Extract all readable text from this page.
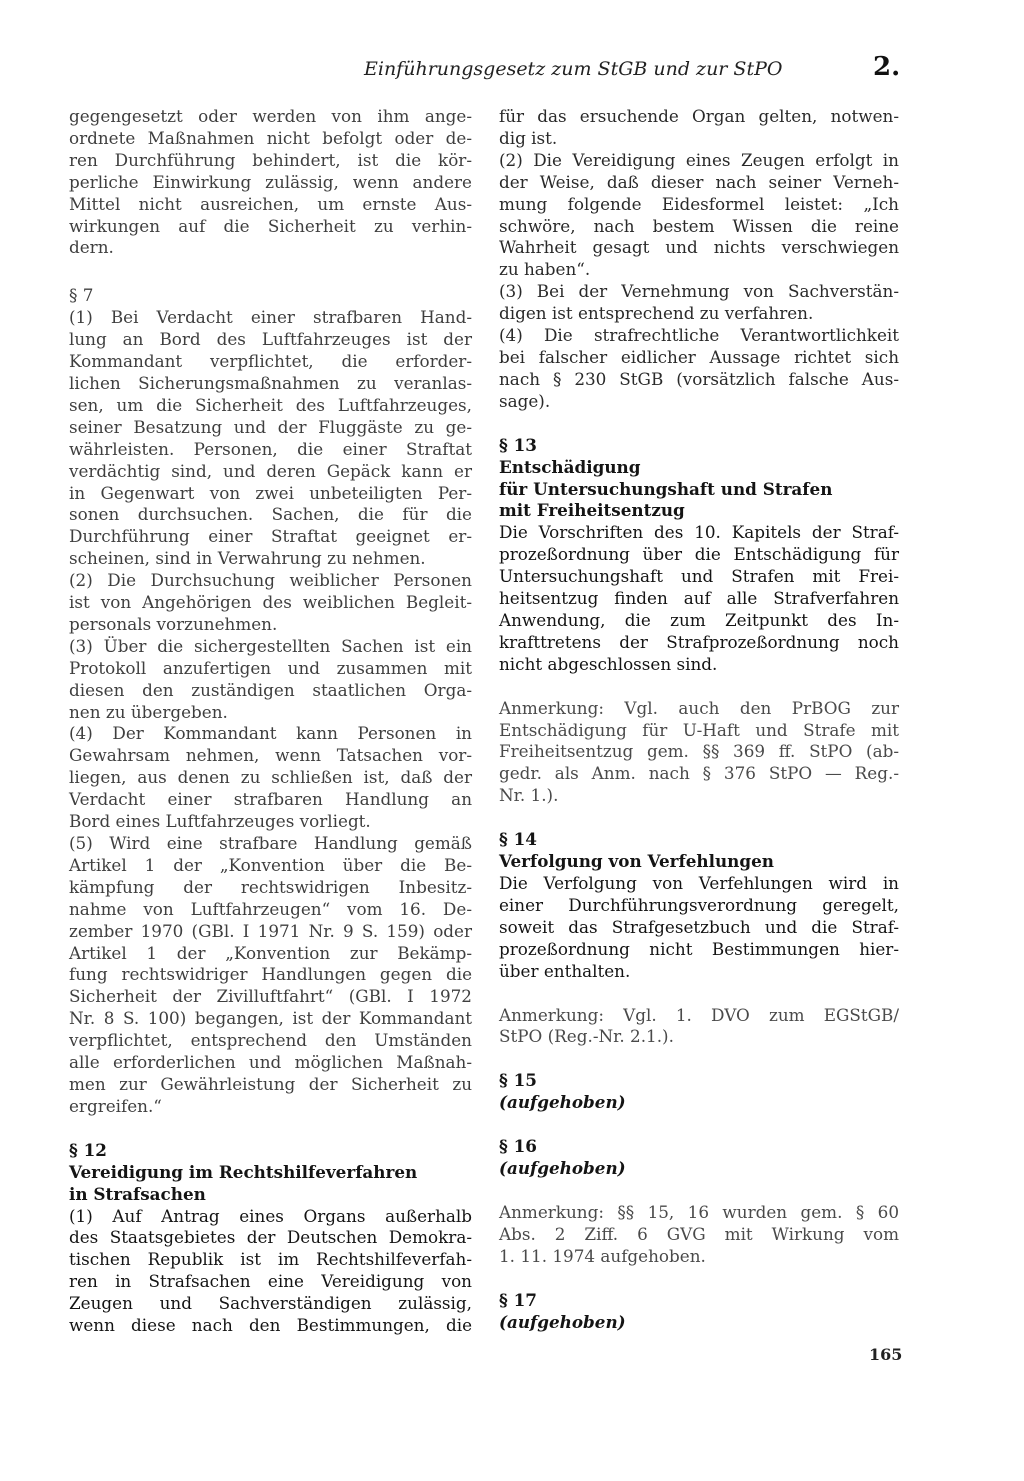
Einführungsgesetz zum StGB und zur StPO	2.
gegengesetzt oder werden von ihm ange-
ordnete Maßnahmen nicht befolgt oder de-
ren Durchführung behindert, ist die kör-
perliche Einwirkung zulässig, wenn andere
Mittel nicht ausreichen, um ernste Aus-
wirkungen auf die Sicherheit zu verhin-
dern.
§ 7
(1) Bei Verdacht einer strafbaren Hand-
lung an Bord des Luftfahrzeuges ist der
Kommandant verpflichtet, die erforder-
lichen Sicherungsmaßnahmen zu veranlas-
sen, um die Sicherheit des Luftfahrzeuges,
seiner Besatzung und der Fluggäste zu ge-
währleisten. Personen, die einer Straftat
verdächtig sind, und deren Gepäck kann er
in Gegenwart von zwei unbeteiligten Per-
sonen durchsuchen. Sachen, die für die
Durchführung einer Straftat geeignet er-
scheinen, sind in Verwahrung zu nehmen.
(2) Die Durchsuchung weiblicher Personen
ist von Angehörigen des weiblichen Begleit-
personals vorzunehmen.
(3) Über die sichergestellten Sachen ist ein
Protokoll anzufertigen und zusammen mit
diesen den zuständigen staatlichen Orga-
nen zu übergeben.
(4) Der Kommandant kann Personen in
Gewahrsam nehmen, wenn Tatsachen vor-
liegen, aus denen zu schließen ist, daß der
Verdacht einer strafbaren Handlung an
Bord eines Luftfahrzeuges vorliegt.
(5) Wird eine strafbare Handlung gemäß
Artikel 1 der „Konvention über die Be-
kämpfung der rechtswidrigen Inbesitz-
nahme von Luftfahrzeugen“ vom 16. De-
zember 1970 (GBl. I 1971 Nr. 9 S. 159) oder
Artikel 1 der „Konvention zur Bekämp-
fung rechtswidriger Handlungen gegen die
Sicherheit der Zivilluftfahrt“ (GBl. I 1972
Nr. 8 S. 100) begangen, ist der Kommandant
verpflichtet, entsprechend den Umständen
alle erforderlichen und möglichen Maßnah-
men zur Gewährleistung der Sicherheit zu
ergreifen.“
§ 12
Vereidigung im Rechtshilfeverfahren
in Strafsachen
(1) Auf Antrag eines Organs außerhalb
des Staatsgebietes der Deutschen Demokra-
tischen Republik ist im Rechtshilfeverfah-
ren in Strafsachen eine Vereidigung von
Zeugen und Sachverständigen zulässig,
wenn diese nach den Bestimmungen, die
für das ersuchende Organ gelten, notwen-
dig ist.
(2) Die Vereidigung eines Zeugen erfolgt in
der Weise, daß dieser nach seiner Verneh-
mung folgende Eidesformel leistet: „Ich
schwöre, nach bestem Wissen die reine
Wahrheit gesagt und nichts verschwiegen
zu haben“.
(3) Bei der Vernehmung von Sachverstän-
digen ist entsprechend zu verfahren.
(4) Die strafrechtliche Verantwortlichkeit
bei falscher eidlicher Aussage richtet sich
nach § 230 StGB (vorsätzlich falsche Aus-
sage).
§ 13
Entschädigung
für Untersuchungshaft und Strafen
mit Freiheitsentzug
Die Vorschriften des 10. Kapitels der Straf-
prozeßordnung über die Entschädigung für
Untersuchungshaft und Strafen mit Frei-
heitsentzug finden auf alle Strafverfahren
Anwendung, die zum Zeitpunkt des In-
krafttretens der Strafprozeßordnung noch
nicht abgeschlossen sind.
Anmerkung: Vgl. auch den PrBOG zur
Entschädigung für U-Haft und Strafe mit
Freiheitsentzug gem. §§ 369 ff. StPO (ab-
gedr. als Anm. nach § 376 StPO — Reg.-
Nr. 1.).
§ 14
Verfolgung von Verfehlungen
Die Verfolgung von Verfehlungen wird in
einer Durchführungsverordnung geregelt,
soweit das Strafgesetzbuch und die Straf-
prozeßordnung nicht Bestimmungen hier-
über enthalten.
Anmerkung: Vgl. 1. DVO zum EGStGB/
StPO (Reg.-Nr. 2.1.).
§ 15
(aufgehoben)
§ 16
(aufgehoben)
Anmerkung: §§ 15, 16 wurden gem. § 60
Abs. 2 Ziff. 6 GVG mit Wirkung vom
1. 11. 1974 aufgehoben.
§ 17
(aufgehoben)
165
